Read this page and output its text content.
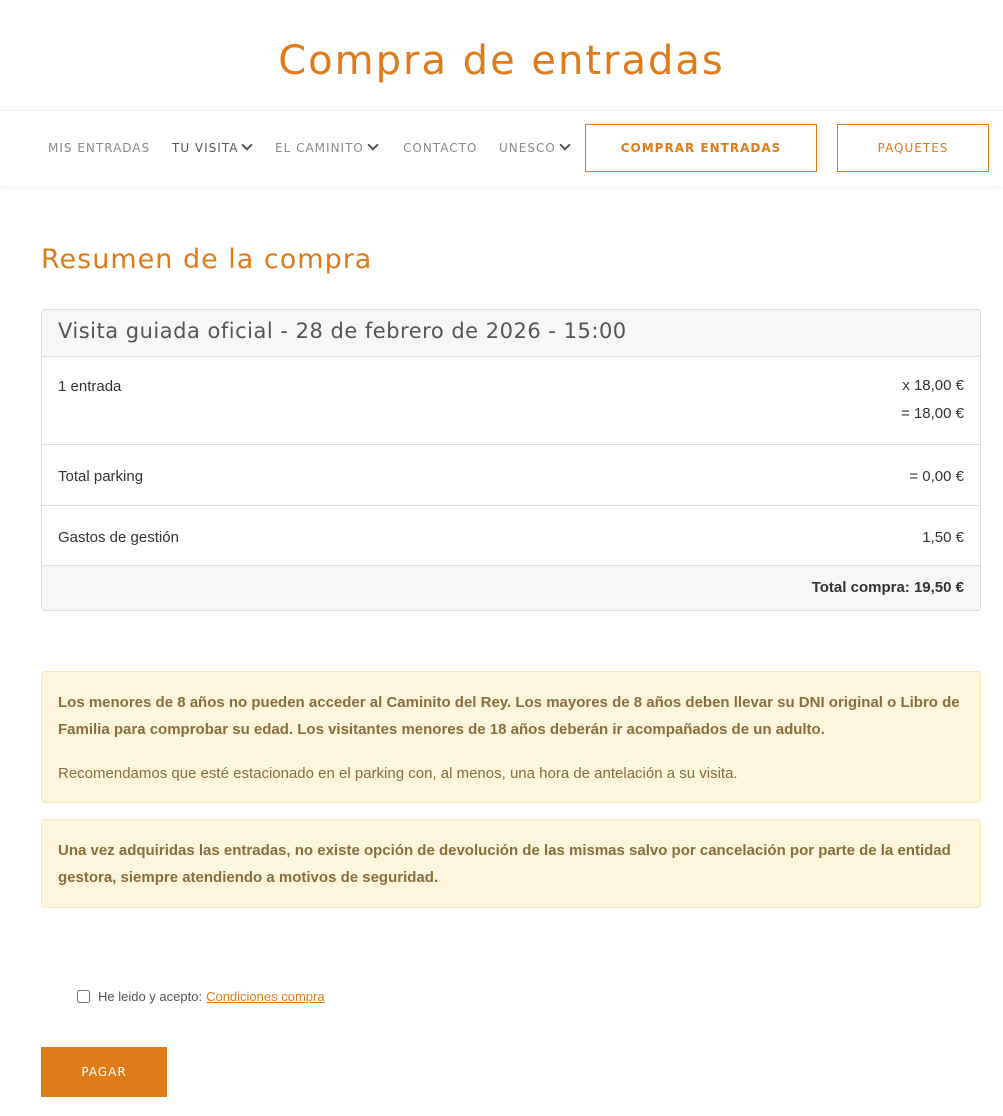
Compra de entradas
MIS ENTRADAS TU VISITA	EL CAMINITO	CONTACTO UNESCO	COMPRAR ENTRADAS	PAQUETES
Resumen de la compra
Visita guiada oficial - 28 de febrero de 2026 - 15:00
1 entrada	x 18,00 €
= 18,00 €
Total parking	= 0,00 €
Gastos de gestión	1,50 €
Total compra: 19,50 €

Los menores de 8 años no pueden acceder al Caminito del Rey. Los mayores de 8 años deben llevar su DNI original o Libro de Familia para comprobar su edad. Los visitantes menores de 18 años deberán ir acompañados de un adulto.

Recomendamos que esté estacionado en el parking con, al menos, una hora de antelación a su visita.

Una vez adquiridas las entradas, no existe opción de devolución de las mismas salvo por cancelación por parte de la entidad gestora, siempre atendiendo a motivos de seguridad.

He leido y acepto: Condiciones compra
PAGAR
